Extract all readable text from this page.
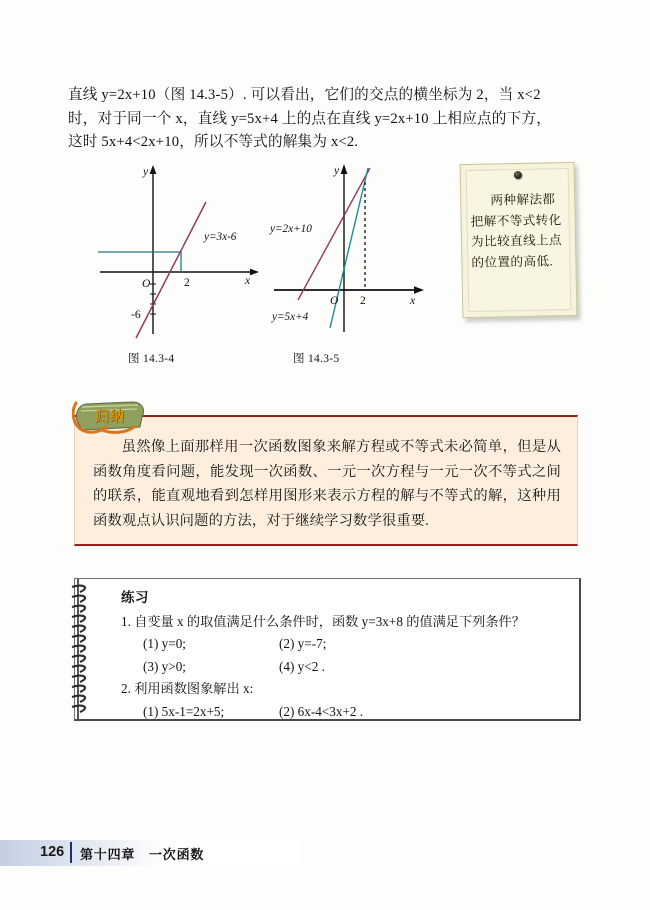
直线 y=2x+10（图 14.3-5）. 可以看出，它们的交点的横坐标为 2，当 x<2
时，对于同一个 x，直线 y=5x+4 上的点在直线 y=2x+10 上相应点的下方，
这时 5x+4<2x+10，所以不等式的解集为 x<2.
O	2
-6
x
y
y=3x-6
O 2	x
y
y=2x+10
y=5x+4
图 14.3-4	图 14.3-5
两种解法都把解不等式转化为比较直线上点的位置的高低.
归纳
虽然像上面那样用一次函数图象来解方程或不等式未必简单，但是从函数角度看问题，能发现一次函数、一元一次方程与一元一次不等式之间的联系，能直观地看到怎样用图形来表示方程的解与不等式的解，这种用函数观点认识问题的方法，对于继续学习数学很重要.
练习
1. 自变量 x 的取值满足什么条件时，函数 y=3x+8 的值满足下列条件？
(1) y=0;	(2) y=-7;
(3) y>0;	(4) y<2 .
2. 利用函数图象解出 x:
(1) 5x-1=2x+5;	(2) 6x-4<3x+2 .
126 第十四章　一次函数
